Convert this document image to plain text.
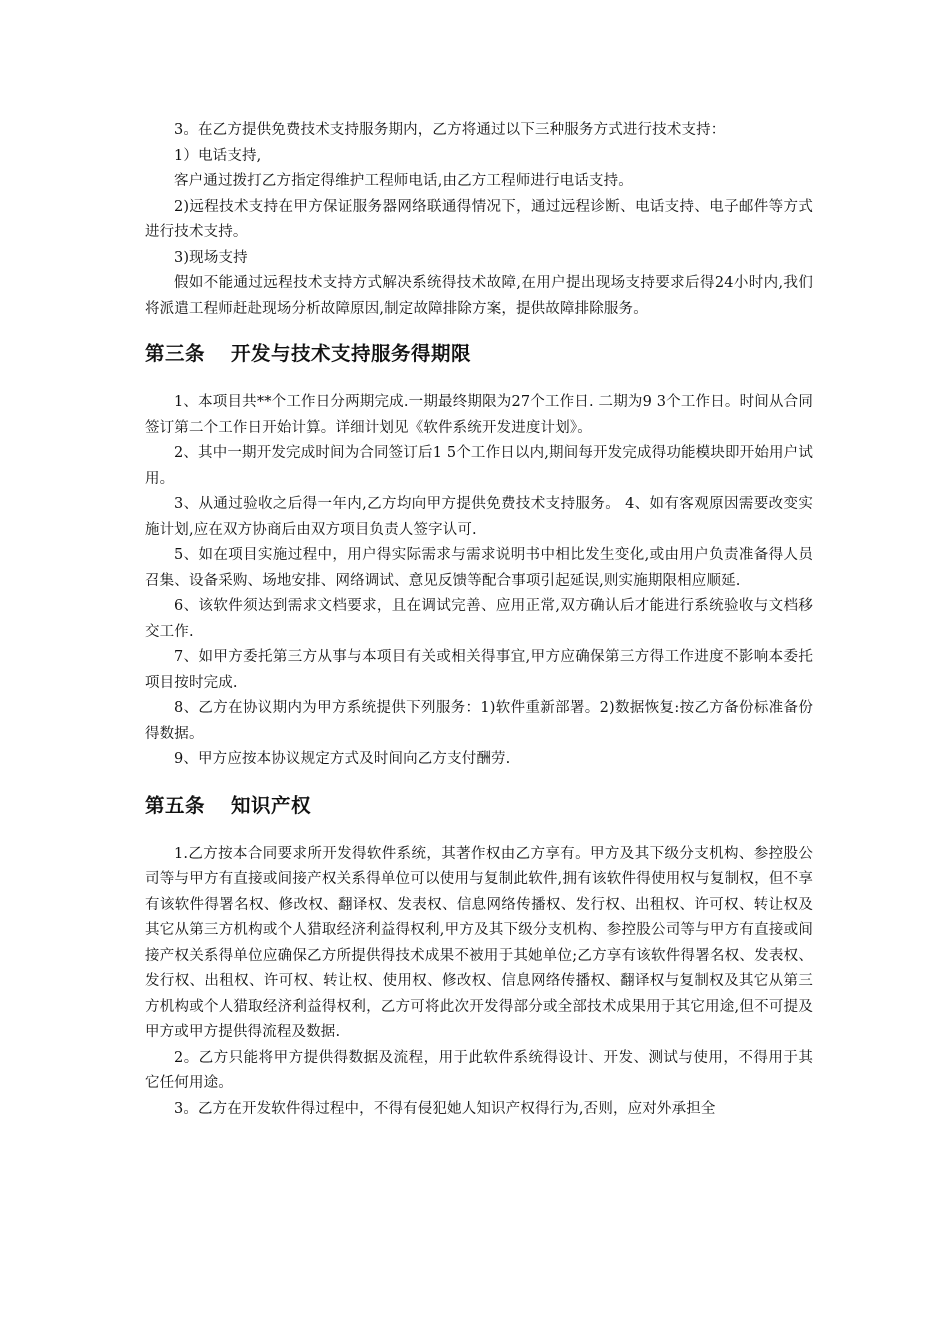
3。在乙方提供免费技术支持服务期内，乙方将通过以下三种服务方式进行技术支持：

1）电话支持,

客户通过拨打乙方指定得维护工程师电话,由乙方工程师进行电话支持。

2)远程技术支持在甲方保证服务器网络联通得情况下，通过远程诊断、电话支持、电子邮件等方式进行技术支持。

3)现场支持

假如不能通过远程技术支持方式解决系统得技术故障,在用户提出现场支持要求后得24小时内,我们将派遣工程师赶赴现场分析故障原因,制定故障排除方案，提供故障排除服务。

第三条 开发与技术支持服务得期限

1、本项目共**个工作日分两期完成.一期最终期限为27个工作日. 二期为9 3个工作日。时间从合同签订第二个工作日开始计算。详细计划见《软件系统开发进度计划》。

2、其中一期开发完成时间为合同签订后1 5个工作日以内,期间每开发完成得功能模块即开始用户试用。

3、从通过验收之后得一年内,乙方均向甲方提供免费技术支持服务。 4、如有客观原因需要改变实施计划,应在双方协商后由双方项目负责人签字认可.

5、如在项目实施过程中，用户得实际需求与需求说明书中相比发生变化,或由用户负责准备得人员召集、设备采购、场地安排、网络调试、意见反馈等配合事项引起延误,则实施期限相应顺延.

6、该软件须达到需求文档要求，且在调试完善、应用正常,双方确认后才能进行系统验收与文档移交工作.

7、如甲方委托第三方从事与本项目有关或相关得事宜,甲方应确保第三方得工作进度不影响本委托项目按时完成.

8、乙方在协议期内为甲方系统提供下列服务：1)软件重新部署。2)数据恢复:按乙方备份标准备份得数据。

9、甲方应按本协议规定方式及时间向乙方支付酬劳.

第五条 知识产权

1.乙方按本合同要求所开发得软件系统，其著作权由乙方享有。甲方及其下级分支机构、参控股公司等与甲方有直接或间接产权关系得单位可以使用与复制此软件,拥有该软件得使用权与复制权，但不享有该软件得署名权、修改权、翻译权、发表权、信息网络传播权、发行权、出租权、许可权、转让权及其它从第三方机构或个人猎取经济利益得权利,甲方及其下级分支机构、参控股公司等与甲方有直接或间接产权关系得单位应确保乙方所提供得技术成果不被用于其她单位;乙方享有该软件得署名权、发表权、发行权、出租权、许可权、转让权、使用权、修改权、信息网络传播权、翻译权与复制权及其它从第三方机构或个人猎取经济利益得权利，乙方可将此次开发得部分或全部技术成果用于其它用途,但不可提及甲方或甲方提供得流程及数据.

2。乙方只能将甲方提供得数据及流程，用于此软件系统得设计、开发、测试与使用，不得用于其它任何用途。

3。乙方在开发软件得过程中，不得有侵犯她人知识产权得行为,否则，应对外承担全
